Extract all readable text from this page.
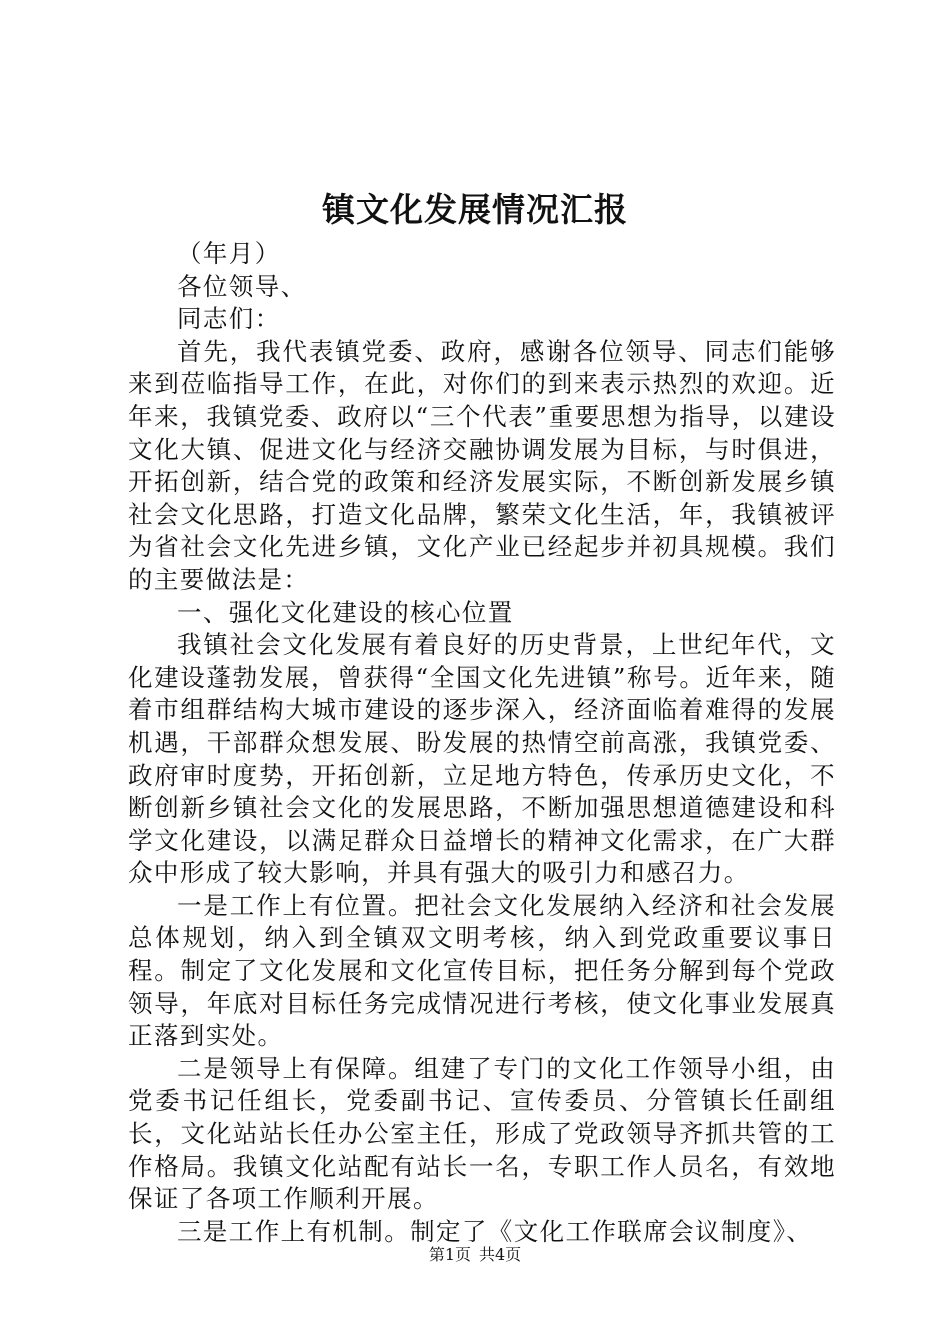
镇文化发展情况汇报

（年月）

各位领导、

同志们：

首先，我代表镇党委、政府，感谢各位领导、同志们能够来到莅临指导工作，在此，对你们的到来表示热烈的欢迎。近年来，我镇党委、政府以“三个代表”重要思想为指导，以建设文化大镇、促进文化与经济交融协调发展为目标，与时俱进，开拓创新，结合党的政策和经济发展实际，不断创新发展乡镇社会文化思路，打造文化品牌，繁荣文化生活，年，我镇被评为省社会文化先进乡镇，文化产业已经起步并初具规模。我们的主要做法是：

一、强化文化建设的核心位置

我镇社会文化发展有着良好的历史背景，上世纪年代，文化建设蓬勃发展，曾获得“全国文化先进镇”称号。近年来，随着市组群结构大城市建设的逐步深入，经济面临着难得的发展机遇，干部群众想发展、盼发展的热情空前高涨，我镇党委、政府审时度势，开拓创新，立足地方特色，传承历史文化，不断创新乡镇社会文化的发展思路，不断加强思想道德建设和科学文化建设，以满足群众日益增长的精神文化需求，在广大群众中形成了较大影响，并具有强大的吸引力和感召力。

一是工作上有位置。把社会文化发展纳入经济和社会发展总体规划，纳入到全镇双文明考核，纳入到党政重要议事日程。制定了文化发展和文化宣传目标，把任务分解到每个党政领导，年底对目标任务完成情况进行考核，使文化事业发展真正落到实处。

二是领导上有保障。组建了专门的文化工作领导小组，由党委书记任组长，党委副书记、宣传委员、分管镇长任副组长，文化站站长任办公室主任，形成了党政领导齐抓共管的工作格局。我镇文化站配有站长一名，专职工作人员名，有效地保证了各项工作顺利开展。

三是工作上有机制。制定了《文化工作联席会议制度》、

第1页 共4页
